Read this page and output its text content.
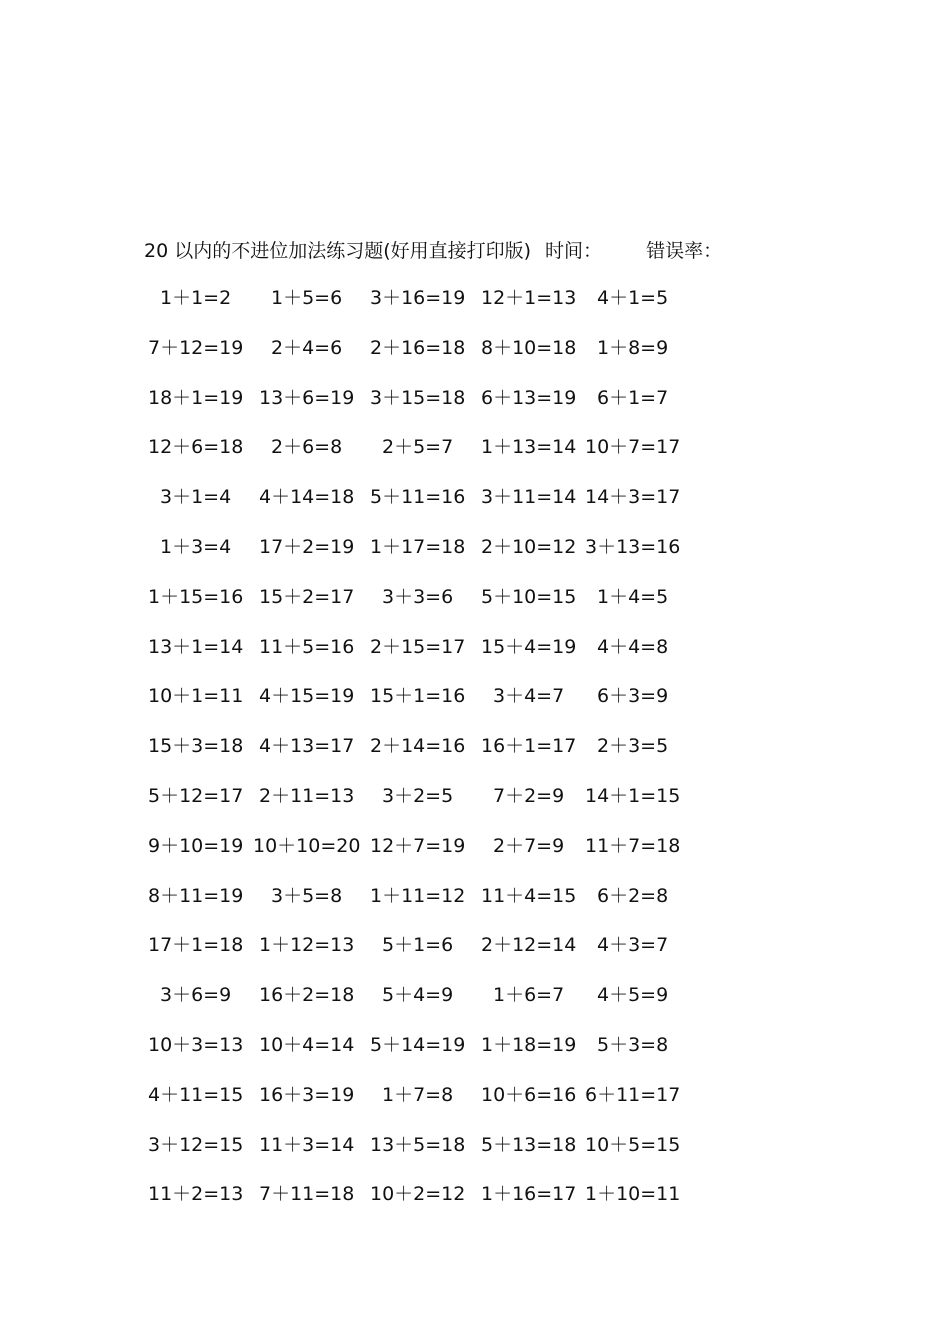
20 以内的不进位加法练习题(好用直接打印版) 时间： 错误率：
1＋1=2 1＋5=6 3＋16=19 12＋1=13 4＋1=5
7＋12=19 2＋4=6 2＋16=18 8＋10=18 1＋8=9
18＋1=19 13＋6=19 3＋15=18 6＋13=19 6＋1=7
12＋6=18 2＋6=8 2＋5=7 1＋13=14 10＋7=17
3＋1=4 4＋14=18 5＋11=16 3＋11=14 14＋3=17
1＋3=4 17＋2=19 1＋17=18 2＋10=12 3＋13=16
1＋15=16 15＋2=17 3＋3=6 5＋10=15 1＋4=5
13＋1=14 11＋5=16 2＋15=17 15＋4=19 4＋4=8
10＋1=11 4＋15=19 15＋1=16 3＋4=7 6＋3=9
15＋3=18 4＋13=17 2＋14=16 16＋1=17 2＋3=5
5＋12=17 2＋11=13 3＋2=5 7＋2=9 14＋1=15
9＋10=19 10＋10=20 12＋7=19 2＋7=9 11＋7=18
8＋11=19 3＋5=8 1＋11=12 11＋4=15 6＋2=8
17＋1=18 1＋12=13 5＋1=6 2＋12=14 4＋3=7
3＋6=9 16＋2=18 5＋4=9 1＋6=7 4＋5=9
10＋3=13 10＋4=14 5＋14=19 1＋18=19 5＋3=8
4＋11=15 16＋3=19 1＋7=8 10＋6=16 6＋11=17
3＋12=15 11＋3=14 13＋5=18 5＋13=18 10＋5=15
11＋2=13 7＋11=18 10＋2=12 1＋16=17 1＋10=11
